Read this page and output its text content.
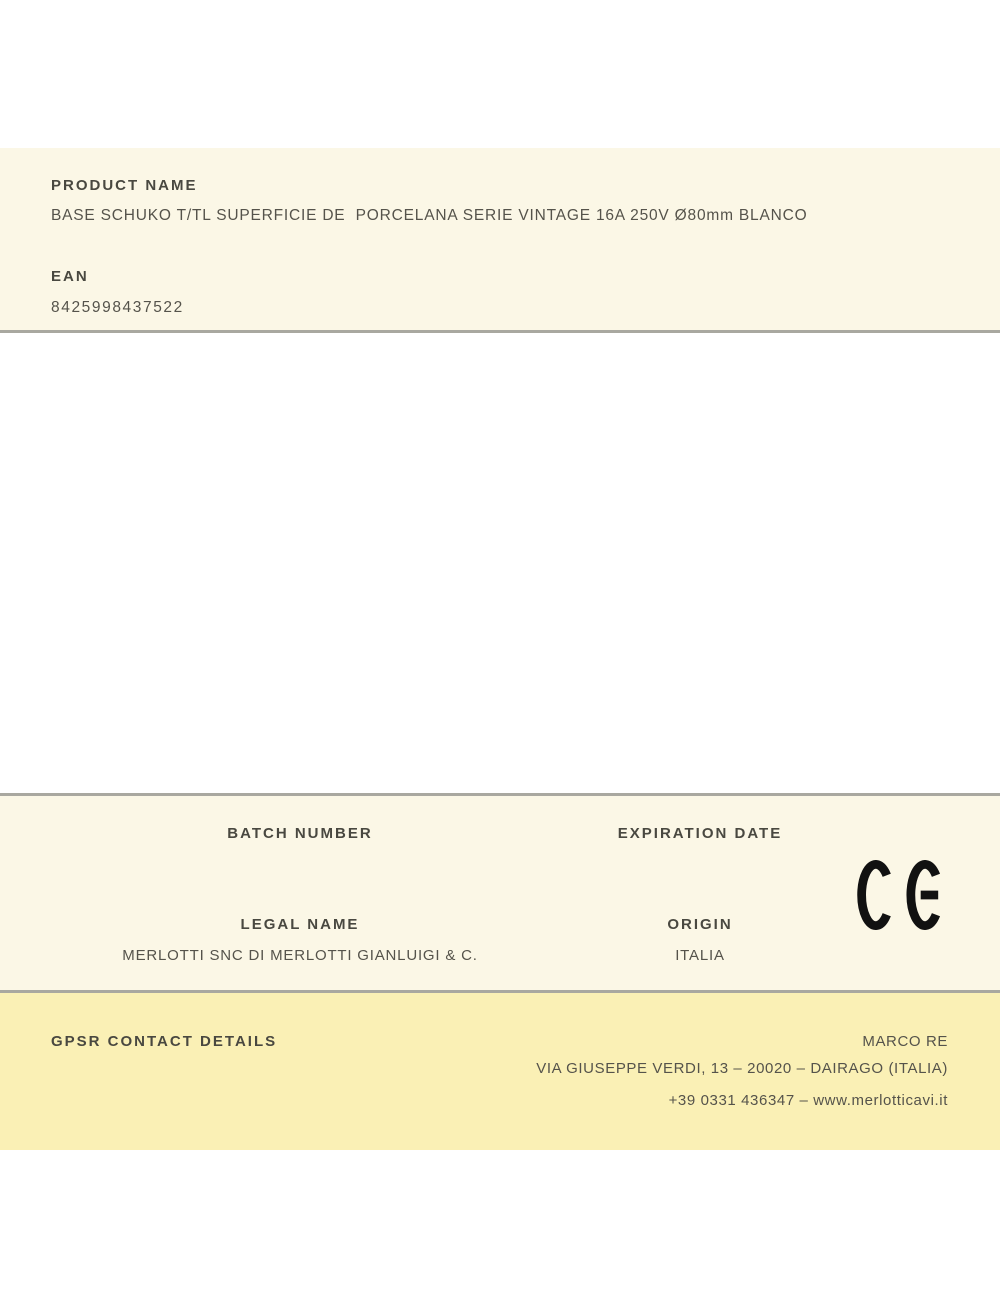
PRODUCT NAME
BASE SCHUKO T/TL SUPERFICIE DE  PORCELANA SERIE VINTAGE 16A 250V Ø80mm BLANCO
EAN
8425998437522
BATCH NUMBER	EXPIRATION DATE
LEGAL NAME
MERLOTTI SNC DI MERLOTTI GIANLUIGI & C.
ORIGIN
ITALIA
GPSR CONTACT DETAILS	MARCO RE
VIA GIUSEPPE VERDI, 13 – 20020 – DAIRAGO (ITALIA)
+39 0331 436347 – www.merlotticavi.it
